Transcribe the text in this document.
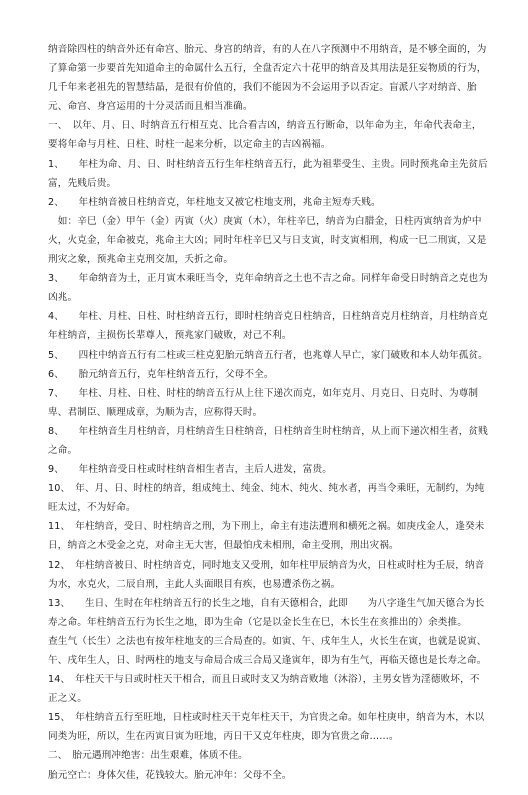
纳音除四柱的纳音外还有命宫、胎元、身宫的纳音，有的人在八字预测中不用纳音，是不够全面的，为了算命第一步要首先知道命主的命属什么五行，全盘否定六十花甲的纳音及其用法是狂妄物质的行为，几千年来老祖先的智慧结晶，是很有价值的，我们不能因为不会运用予以否定。盲派八字对纳音、胎元、命宫、身宫运用的十分灵活而且相当准确。

一、　以年、月、日、时纳音五行相互克、比合看吉凶，纳音五行断命，以年命为主，年命代表命主，要将年命与月柱、日柱、时柱一起来分析，以定命主的吉凶祸福。

1、　　年柱为命、月、日、时柱纳音五行生年柱纳音五行，此为祖辈受生、主贵。同时预兆命主先贫后富，先贱后贵。

2、　　年柱纳音被日柱纳音克，年柱地支又被它柱地支刑，兆命主短寿夭贱。

　如：辛巳（金）甲午（金）丙寅（火）庚寅（木），年柱辛巳，纳音为白腊金，日柱丙寅纳音为炉中火，火克金，年命被克，兆命主大凶；同时年柱辛巳又与日支寅，时支寅相刑，构成一巳二刑寅，又是刑灾之象，预兆命主克刑交加，夭折之命。

3、　　年命纳音为土，正月寅木乘旺当令，克年命纳音之土也不吉之命。同样年命受日时纳音之克也为凶兆。

4、　　年柱、月柱、日柱、时柱纳音五行，即时柱纳音克日柱纳音，日柱纳音克月柱纳音，月柱纳音克年柱纳音，主损伤长辈尊人，预兆家门破败，对己不利。

5、　　四柱中纳音五行有二柱或三柱克犯胎元纳音五行者，也兆尊人早亡，家门破败和本人幼年孤贫。

6、　　胎元纳音五行，克年柱纳音五行，父母不全。

7、　　年柱、月柱、日柱、时柱的纳音五行从上往下递次而克，如年克月、月克日、日克时、为尊制卑、君制臣、顺理成章，为顺为吉，应称得天时。

8、　　年柱纳音生月柱纳音，月柱纳音生日柱纳音，日柱纳音生时柱纳音，从上而下递次相生者，贫贱之命。

9、　　年柱纳音受日柱或时柱纳音相生者吉，主后人进发，富贵。

10、　年、月、日、时柱的纳音，组成纯土、纯金、纯木、纯火、纯水者，再当令乘旺，无制约，为纯旺太过，不为好命。

11、　年柱纳音，受日、时柱纳音之刑，为下刑上，命主有违法遭刑和横死之祸。如庚戌金人，逢癸未日，纳音之木受金之克，对命主无大害，但最怕戌未相刑，命主受刑，刑出灾祸。

12、　年柱纳音被日、时柱纳音克，同时地支又受刑，如年柱甲辰纳音为火，日柱或时柱为壬辰，纳音为水，水克火，二辰自刑，主此人头面眼目有疾，也易遭杀伤之祸。

13、　　生日、生时在年柱纳音五行的长生之地，自有天德相合，此即　　为八字逢生气加天德合为长寿之命。年柱纳音五行为长生之地，即为生命（它是以金长生在巳，木长生在亥推出的）余类推。

查生气（长生）之法也有按年柱地支的三合局查的。如寅、午、戌年生人，火长生在寅，也就是说寅、午、戌年生人，日、时两柱的地支与命局合成三合局又逢寅年，即为有生气，再临天德也是长寿之命。

14、　年柱天干与日或时柱天干相合，而且日或时支又为纳音败地（沐浴），主男女皆为淫德败坏，不正之义。

15、　年柱纳音五行至旺地，日柱或时柱天干克年柱天干，为官贵之命。如年柱庚申，纳音为木，木以同类为旺，所以，生在丙寅日寅为旺地，丙日干又克年柱庚，即为官贵之命……。

二、　胎元遇刑冲绝害：出生艰难，体质不佳。

胎元空亡：身体欠佳，花钱较大。胎元冲年：父母不全。
